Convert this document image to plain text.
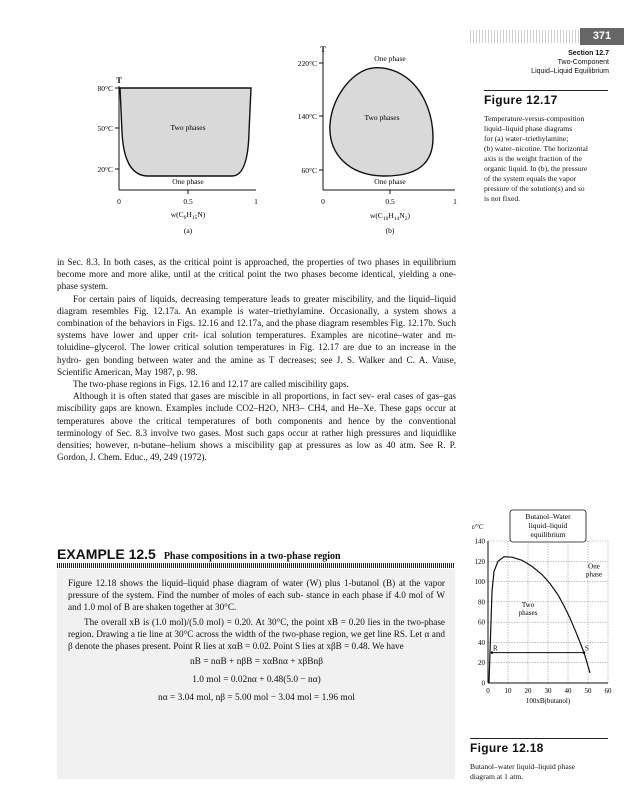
371
Section 12.7
Two-Component
Liquid–Liquid Equilibrium
T
80°C
50°C
20°C
Two phases
One phase
0	0.5	1
$w(C_6H_{15}N)$
(a)
T
220°C
140°C
60°C
One phase
Two phases
One phase
0	0.5	1
$w(C_{10}H_{14}N_2)$
(b)
Figure 12.17
Temperature-versus-composition
liquid–liquid phase diagrams
for (a) water–triethylamine;
(b) water–nicotine. The horizontal
axis is the weight fraction of the
organic liquid. In (b), the pressure
of the system equals the vapor
pressure of the solution(s) and so
is not fixed.

in Sec. 8.3. In both cases, as the critical point is approached, the properties of two phases in equilibrium become more and more alike, until at the critical point the two phases become identical, yielding a one-phase system.

For certain pairs of liquids, decreasing temperature leads to greater miscibility, and the liquid–liquid diagram resembles Fig. 12.17a. An example is water–triethylamine. Occasionally, a system shows a combination of the behaviors in Figs. 12.16 and 12.17a, and the phase diagram resembles Fig. 12.17b. Such systems have lower and upper crit- ical solution temperatures. Examples are nicotine–water and m-toluidine–glycerol. The lower critical solution temperatures in Fig. 12.17 are due to an increase in the hydro- gen bonding between water and the amine as T decreases; see J. S. Walker and C. A. Vause, Scientific American, May 1987, p. 98.

The two-phase regions in Figs. 12.16 and 12.17 are called miscibility gaps.

Although it is often stated that gases are miscible in all proportions, in fact sev- eral cases of gas–gas miscibility gaps are known. Examples include CO2–H2O, NH3– CH4, and He–Xe. These gaps occur at temperatures above the critical temperatures of both components and hence by the conventional terminology of Sec. 8.3 involve two gases. Most such gaps occur at rather high pressures and liquidlike densities; however, n-butane–helium shows a miscibility gap at pressures as low as 40 atm. See R. P. Gordon, J. Chem. Educ., 49, 249 (1972).

EXAMPLE 12.5 Phase compositions in a two-phase region

Figure 12.18 shows the liquid–liquid phase diagram of water (W) plus 1-butanol (B) at the vapor pressure of the system. Find the number of moles of each sub- stance in each phase if 4.0 mol of W and 1.0 mol of B are shaken together at 30°C.

The overall xB is (1.0 mol)/(5.0 mol) = 0.20. At 30°C, the point xB = 0.20 lies in the two-phase region. Drawing a tie line at 30°C across the width of the two-phase region, we get line RS. Let α and β denote the phases present. Point R lies at xαB = 0.02. Point S lies at xβB = 0.48. We have

nB = nαB + nβB = xαBnα + xβBnβ
1.0 mol = 0.02nα + 0.48(5.0 − nα)
nα = 3.04 mol, nβ = 5.00 mol − 3.04 mol = 1.96 mol
0
20
40
60
80
100
120
140
0 10 20 30 40 50 60
Butanol–Water
liquid–liquid
equilibrium
t/°C
One
phase
Two
phases
R	S
100xB(butanol)
Figure 12.18
Butanol–water liquid–liquid phase
diagram at 1 atm.
